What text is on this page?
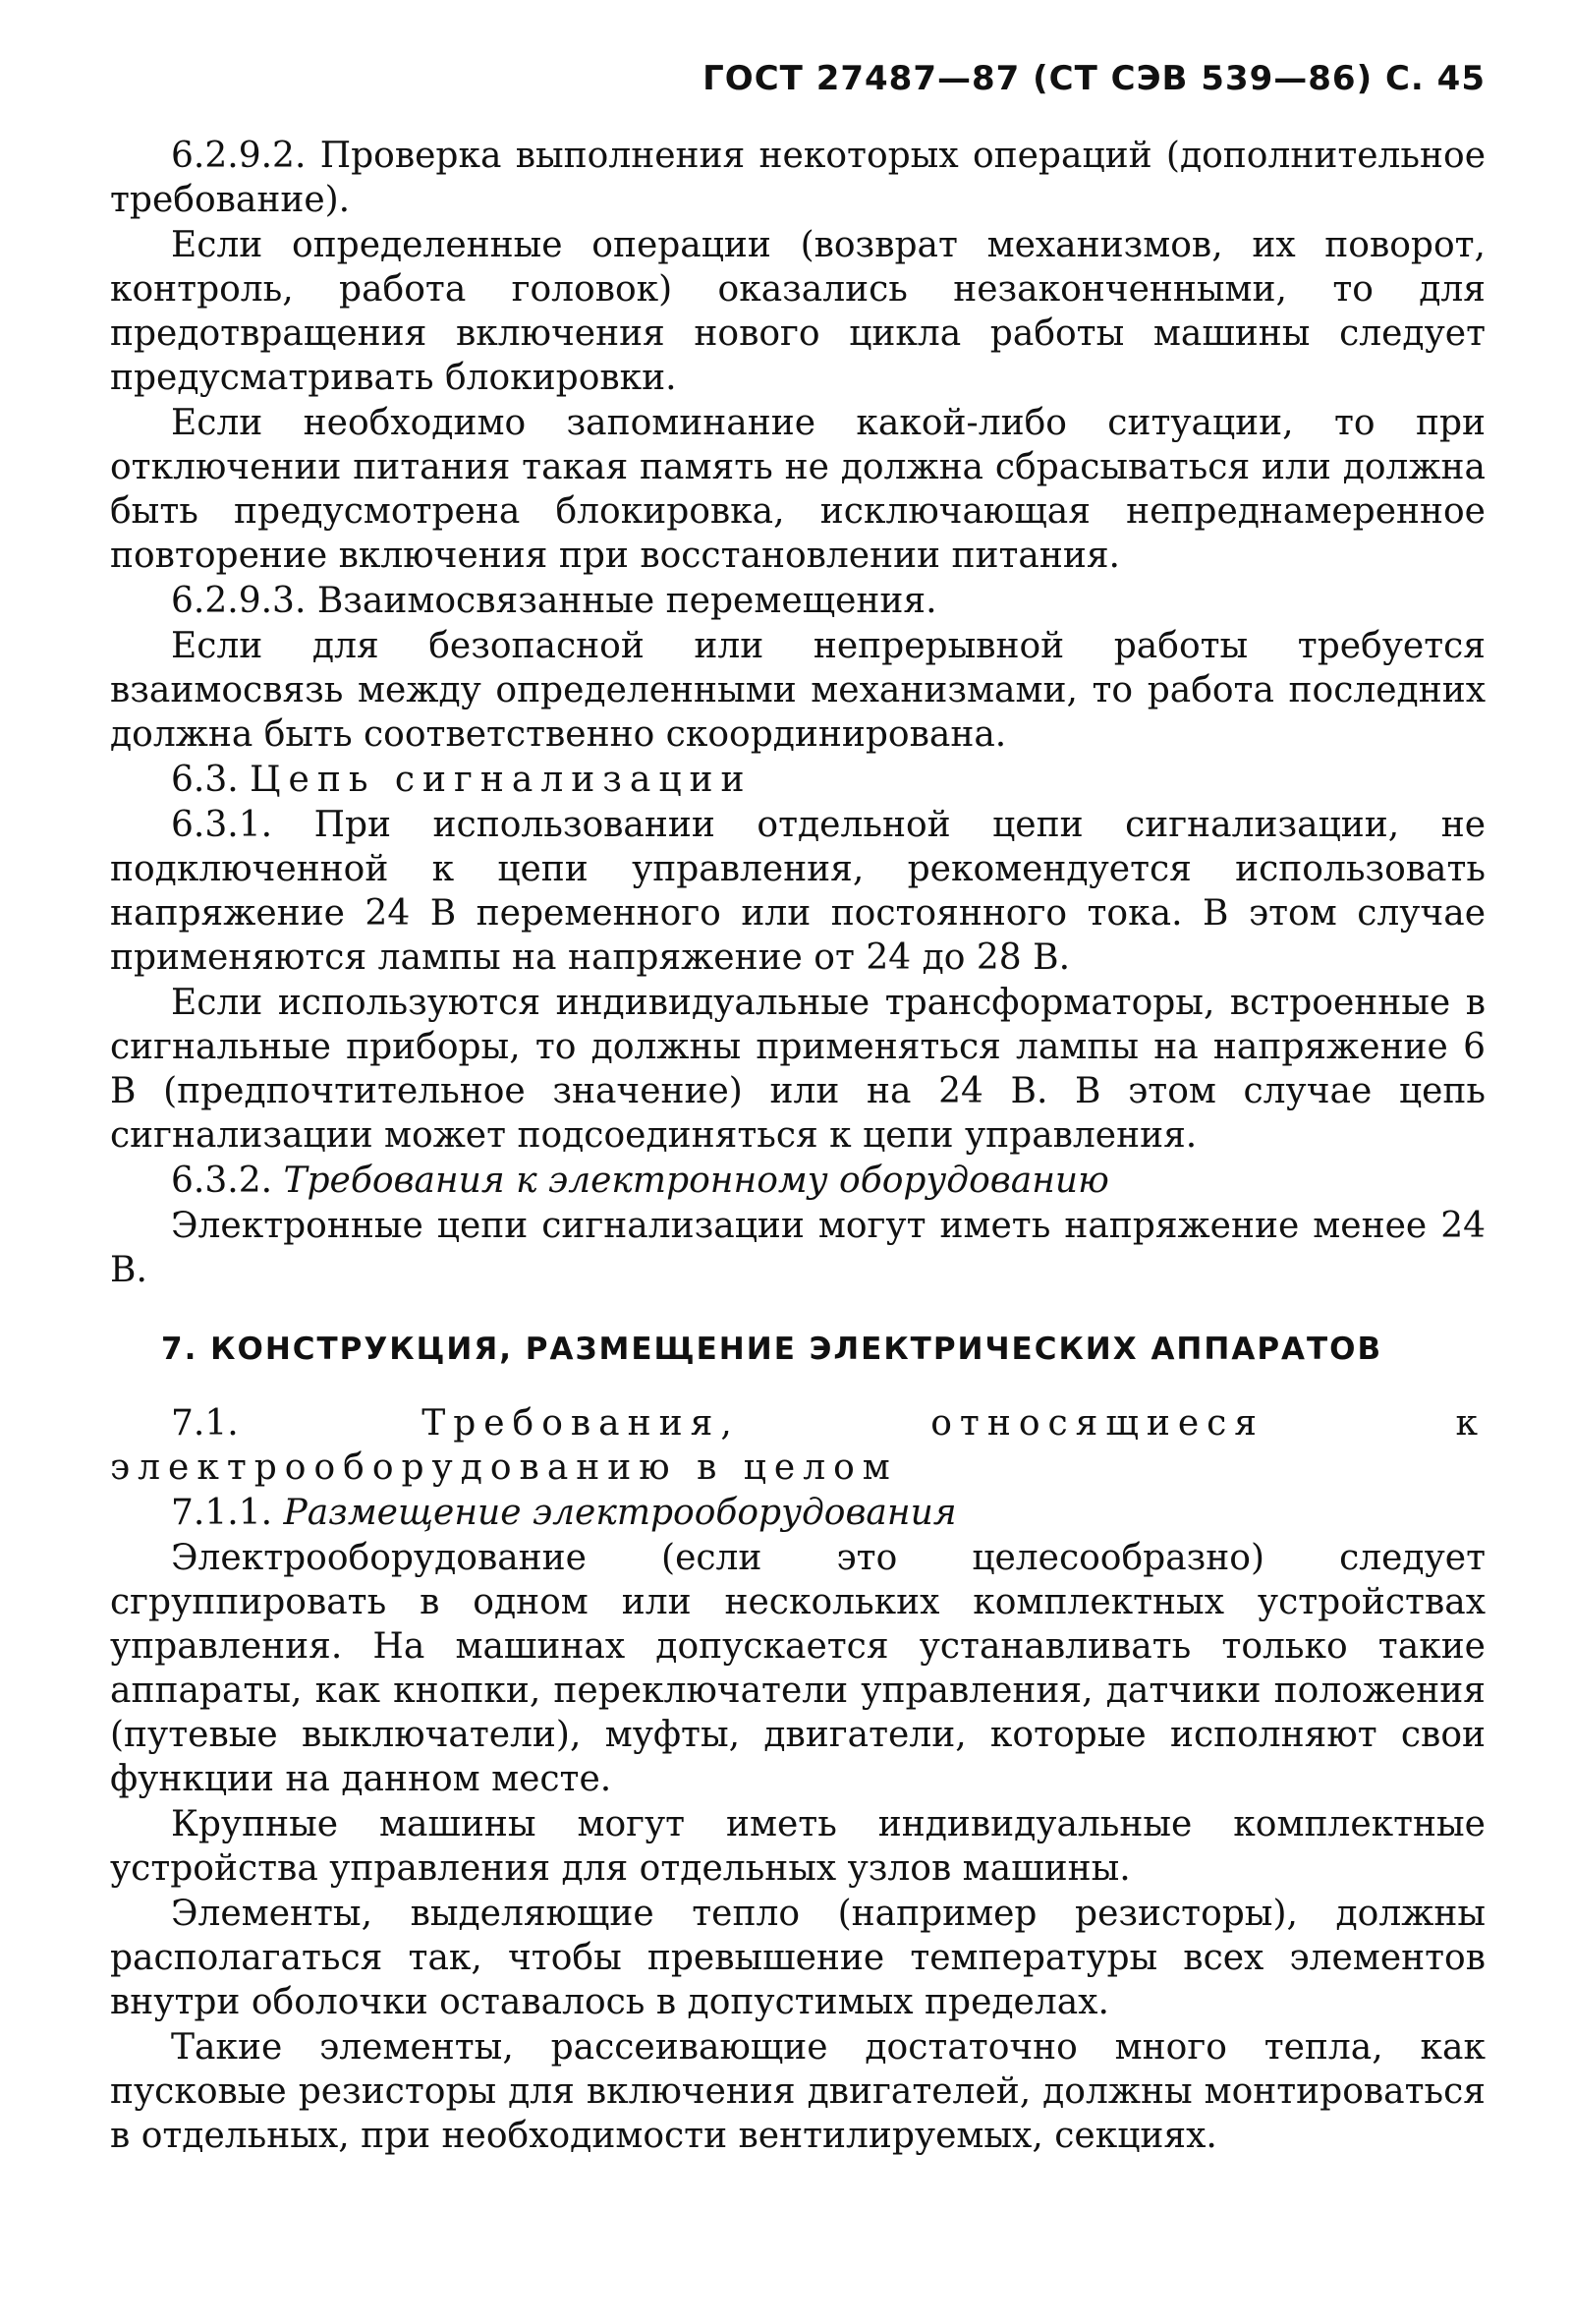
ГОСТ 27487—87 (СТ СЭВ 539—86) С. 45

6.2.9.2. Проверка выполнения некоторых операций (дополнительное требование).

Если определенные операции (возврат механизмов, их поворот, контроль, работа головок) оказались незаконченными, то для предотвращения включения нового цикла работы машины следует предусматривать блокировки.

Если необходимо запоминание какой-либо ситуации, то при отключении питания такая память не должна сбрасываться или должна быть предусмотрена блокировка, исключающая непреднамеренное повторение включения при восстановлении питания.

6.2.9.3. Взаимосвязанные перемещения.

Если для безопасной или непрерывной работы требуется взаимосвязь между определенными механизмами, то работа последних должна быть соответственно скоординирована.

6.3. Цепь сигнализации

6.3.1. При использовании отдельной цепи сигнализации, не подключенной к цепи управления, рекомендуется использовать напряжение 24 В переменного или постоянного тока. В этом случае применяются лампы на напряжение от 24 до 28 В.

Если используются индивидуальные трансформаторы, встроенные в сигнальные приборы, то должны применяться лампы на напряжение 6 В (предпочтительное значение) или на 24 В. В этом случае цепь сигнализации может подсоединяться к цепи управления.

6.3.2. Требования к электронному оборудованию

Электронные цепи сигнализации могут иметь напряжение менее 24 В.

7. КОНСТРУКЦИЯ, РАЗМЕЩЕНИЕ ЭЛЕКТРИЧЕСКИХ АППАРАТОВ

7.1.	Требования, относящиеся к электрооборудованию в целом

7.1.1. Размещение электрооборудования

Электрооборудование (если это целесообразно) следует сгруппировать в одном или нескольких комплектных устройствах управления. На машинах допускается устанавливать только такие аппараты, как кнопки, переключатели управления, датчики положения (путевые выключатели), муфты, двигатели, которые исполняют свои функции на данном месте.

Крупные машины могут иметь индивидуальные комплектные устройства управления для отдельных узлов машины.

Элементы, выделяющие тепло (например резисторы), должны располагаться так, чтобы превышение температуры всех элементов внутри оболочки оставалось в допустимых пределах.

Такие элементы, рассеивающие достаточно много тепла, как пусковые резисторы для включения двигателей, должны монтироваться в отдельных, при необходимости вентилируемых, секциях.
